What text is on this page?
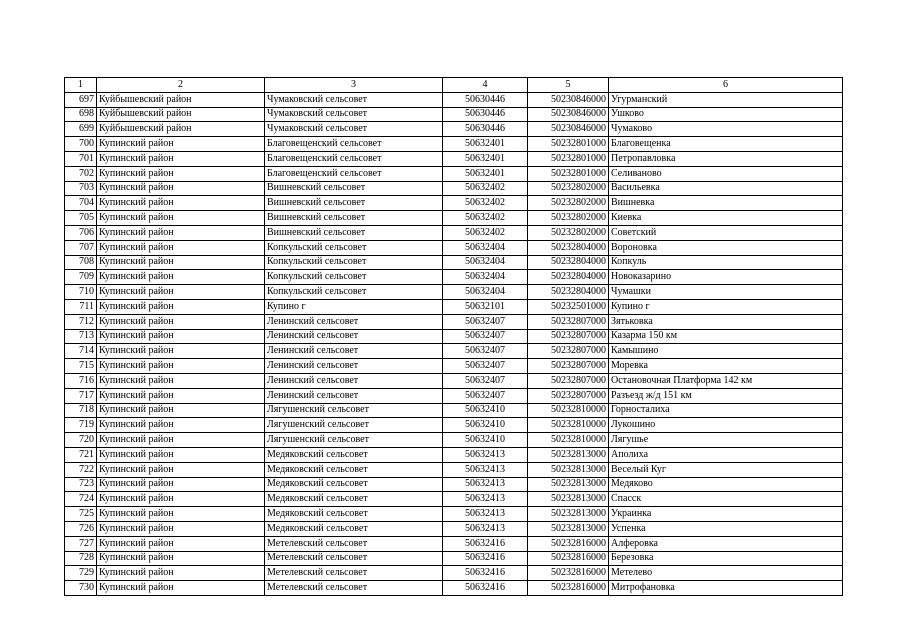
1	2	3	4	5	6
697	Куйбышевский район	Чумаковский сельсовет	50630446	50230846000	Угурманский
698	Куйбышевский район	Чумаковский сельсовет	50630446	50230846000	Ушково
699	Куйбышевский район	Чумаковский сельсовет	50630446	50230846000	Чумаково
700	Купинский район	Благовещенский сельсовет	50632401	50232801000	Благовещенка
701	Купинский район	Благовещенский сельсовет	50632401	50232801000	Петропавловка
702	Купинский район	Благовещенский сельсовет	50632401	50232801000	Селиваново
703	Купинский район	Вишневский сельсовет	50632402	50232802000	Васильевка
704	Купинский район	Вишневский сельсовет	50632402	50232802000	Вишневка
705	Купинский район	Вишневский сельсовет	50632402	50232802000	Киевка
706	Купинский район	Вишневский сельсовет	50632402	50232802000	Советский
707	Купинский район	Копкульский сельсовет	50632404	50232804000	Вороновка
708	Купинский район	Копкульский сельсовет	50632404	50232804000	Копкуль
709	Купинский район	Копкульский сельсовет	50632404	50232804000	Новоказарино
710	Купинский район	Копкульский сельсовет	50632404	50232804000	Чумашки
711	Купинский район	Купино г	50632101	50232501000	Купино г
712	Купинский район	Ленинский сельсовет	50632407	50232807000	Зятьковка
713	Купинский район	Ленинский сельсовет	50632407	50232807000	Казарма 150 км
714	Купинский район	Ленинский сельсовет	50632407	50232807000	Камышино
715	Купинский район	Ленинский сельсовет	50632407	50232807000	Моревка
716	Купинский район	Ленинский сельсовет	50632407	50232807000	Остановочная Платформа 142 км
717	Купинский район	Ленинский сельсовет	50632407	50232807000	Разъезд ж/д 151 км
718	Купинский район	Лягушенский сельсовет	50632410	50232810000	Горносталиха
719	Купинский район	Лягушенский сельсовет	50632410	50232810000	Лукошино
720	Купинский район	Лягушенский сельсовет	50632410	50232810000	Лягушье
721	Купинский район	Медяковский сельсовет	50632413	50232813000	Аполиха
722	Купинский район	Медяковский сельсовет	50632413	50232813000	Веселый Куг
723	Купинский район	Медяковский сельсовет	50632413	50232813000	Медяково
724	Купинский район	Медяковский сельсовет	50632413	50232813000	Спасск
725	Купинский район	Медяковский сельсовет	50632413	50232813000	Украинка
726	Купинский район	Медяковский сельсовет	50632413	50232813000	Успенка
727	Купинский район	Метелевский сельсовет	50632416	50232816000	Алферовка
728	Купинский район	Метелевский сельсовет	50632416	50232816000	Березовка
729	Купинский район	Метелевский сельсовет	50632416	50232816000	Метелево
730	Купинский район	Метелевский сельсовет	50632416	50232816000	Митрофановка
